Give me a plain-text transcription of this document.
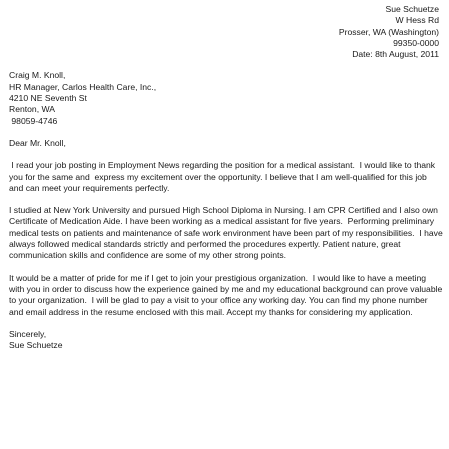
Sue Schuetze
W Hess Rd
Prosser, WA (Washington)
99350-0000
Date: 8th August, 2011
Craig M. Knoll,
HR Manager, Carlos Health Care, Inc.,
4210 NE Seventh St
Renton, WA
98059-4746
Dear Mr. Knoll,
I read your job posting in Employment News regarding the position for a medical assistant.  I would like to thank you for the same and  express my excitement over the opportunity. I believe that I am well-qualified for this job and can meet your requirements perfectly.
I studied at New York University and pursued High School Diploma in Nursing. I am CPR Certified and I also own Certificate of Medication Aide. I have been working as a medical assistant for five years.  Performing preliminary medical tests on patients and maintenance of safe work environment have been part of my responsibilities.  I have always followed medical standards strictly and performed the procedures expertly. Patient nature, great communication skills and confidence are some of my other strong points.
It would be a matter of pride for me if I get to join your prestigious organization.  I would like to have a meeting with you in order to discuss how the experience gained by me and my educational background can prove valuable to your organization.  I will be glad to pay a visit to your office any working day. You can find my phone number and email address in the resume enclosed with this mail. Accept my thanks for considering my application.
Sincerely,
Sue Schuetze
